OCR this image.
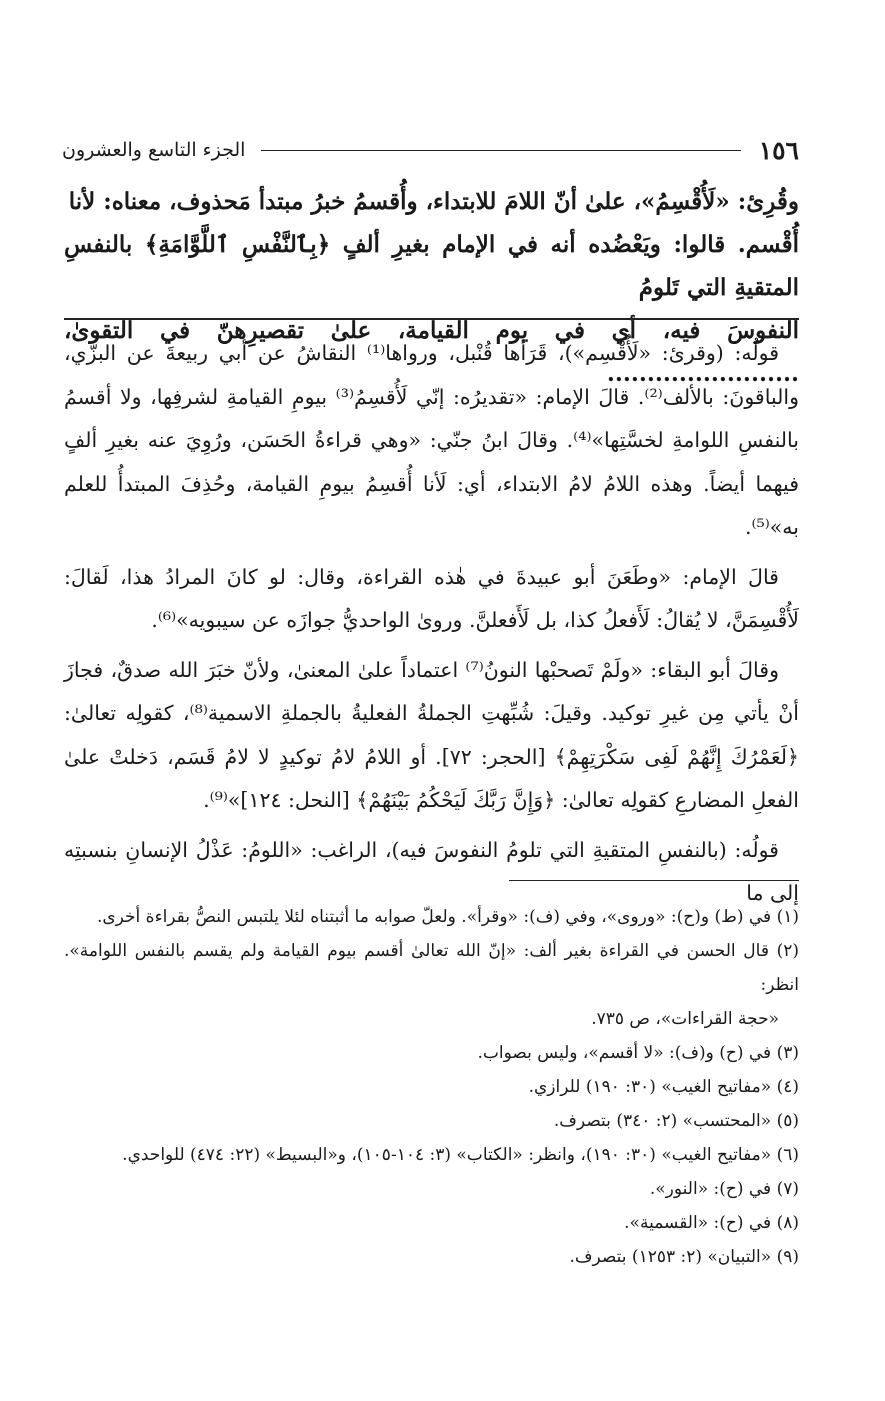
١٥٦
الجزء التاسع والعشرون

وقُرِئ: «لَأُقْسِمُ»، علىٰ أنّ اللامَ للابتداء، وأُقسمُ خبرُ مبتدأ مَحذوف، معناه: لأنا

أُقْسم. قالوا: ويَعْضُده أنه في الإمام بغيرِ ألفٍ ﴿بِٱلنَّفْسِ ٱللَّوَّامَةِ﴾ بالنفسِ المتقيةِ التي تَلومُ

النفوسَ فيه، أي في يوم القيامة، علىٰ تقصيرِهنّ في التقوىٰ، ........................

قولُه: (وقرئ: «لَأُقْسِم»)، قَرَأها قُنْبل، ورواها⁽¹⁾ النقاشُ عن أبي ربيعةَ عن البزّي، والباقونَ: بالألف⁽²⁾. قالَ الإمام: «تقديرُه: إنّي لَأُقسِمُ⁽³⁾ بيومِ القيامةِ لشرفِها، ولا أقسمُ بالنفسِ اللوامةِ لخسَّتِها»⁽⁴⁾. وقالَ ابنُ جنّي: «وهي قراءةُ الحَسَن، ورُوِيَ عنه بغيرِ ألفٍ فيهما أيضاً. وهذه اللامُ لامُ الابتداء، أي: لَأنا أُقسِمُ بيومِ القيامة، وحُذِفَ المبتدأُ للعلم به»⁽⁵⁾.

قالَ الإمام: «وطَعَنَ أبو عبيدةَ في هٰذه القراءة، وقال: لو كانَ المرادُ هذا، لَقالَ: لَأُقْسِمَنَّ، لا يُقالُ: لَأَفعلُ كذا، بل لَأَفعلنَّ. وروىٰ الواحديُّ جوازَه عن سيبويه»⁽⁶⁾.

وقالَ أبو البقاء: «ولَمْ تَصحبْها النونُ⁽⁷⁾ اعتماداً علىٰ المعنىٰ، ولأنّ خبَرَ الله صدقٌ، فجازَ أنْ يأتي مِن غيرِ توكيد. وقيلَ: شُبِّهتِ الجملةُ الفعليةُ بالجملةِ الاسمية⁽⁸⁾، كقولِه تعالىٰ: ﴿لَعَمْرُكَ إِنَّهُمْ لَفِى سَكْرَتِهِمْ﴾ [الحجر: ٧٢]. أو اللامُ لامُ توكيدٍ لا لامُ قَسَم، دَخلتْ علىٰ الفعلِ المضارعِ كقولِه تعالىٰ: ﴿وَإِنَّ رَبَّكَ لَيَحْكُمُ بَيْنَهُمْ﴾ [النحل: ١٢٤]»⁽⁹⁾.

قولُه: (بالنفسِ المتقيةِ التي تلومُ النفوسَ فيه)، الراغب: «اللومُ: عَذْلُ الإنسانِ بنسبتِه إلى ما

(١) في (ط) و(ح): «وروى»، وفي (ف): «وقرأ». ولعلّ صوابه ما أثبتناه لئلا يلتبس النصُّ بقراءة أخرى.

(٢) قال الحسن في القراءة بغير ألف: «إنّ الله تعالىٰ أقسم بيوم القيامة ولم يقسم بالنفس اللوامة». انظر:

«حجة القراءات»، ص ٧٣٥.

(٣) في (ح) و(ف): «لا أقسم»، وليس بصواب.

(٤) «مفاتيح الغيب» (٣٠: ١٩٠) للرازي.

(٥) «المحتسب» (٢: ٣٤٠) بتصرف.

(٦) «مفاتيح الغيب» (٣٠: ١٩٠)، وانظر: «الكتاب» (٣: ١٠٤-١٠٥)، و«البسيط» (٢٢: ٤٧٤) للواحدي.

(٧) في (ح): «النور».

(٨) في (ح): «القسمية».

(٩) «التبيان» (٢: ١٢٥٣) بتصرف.
